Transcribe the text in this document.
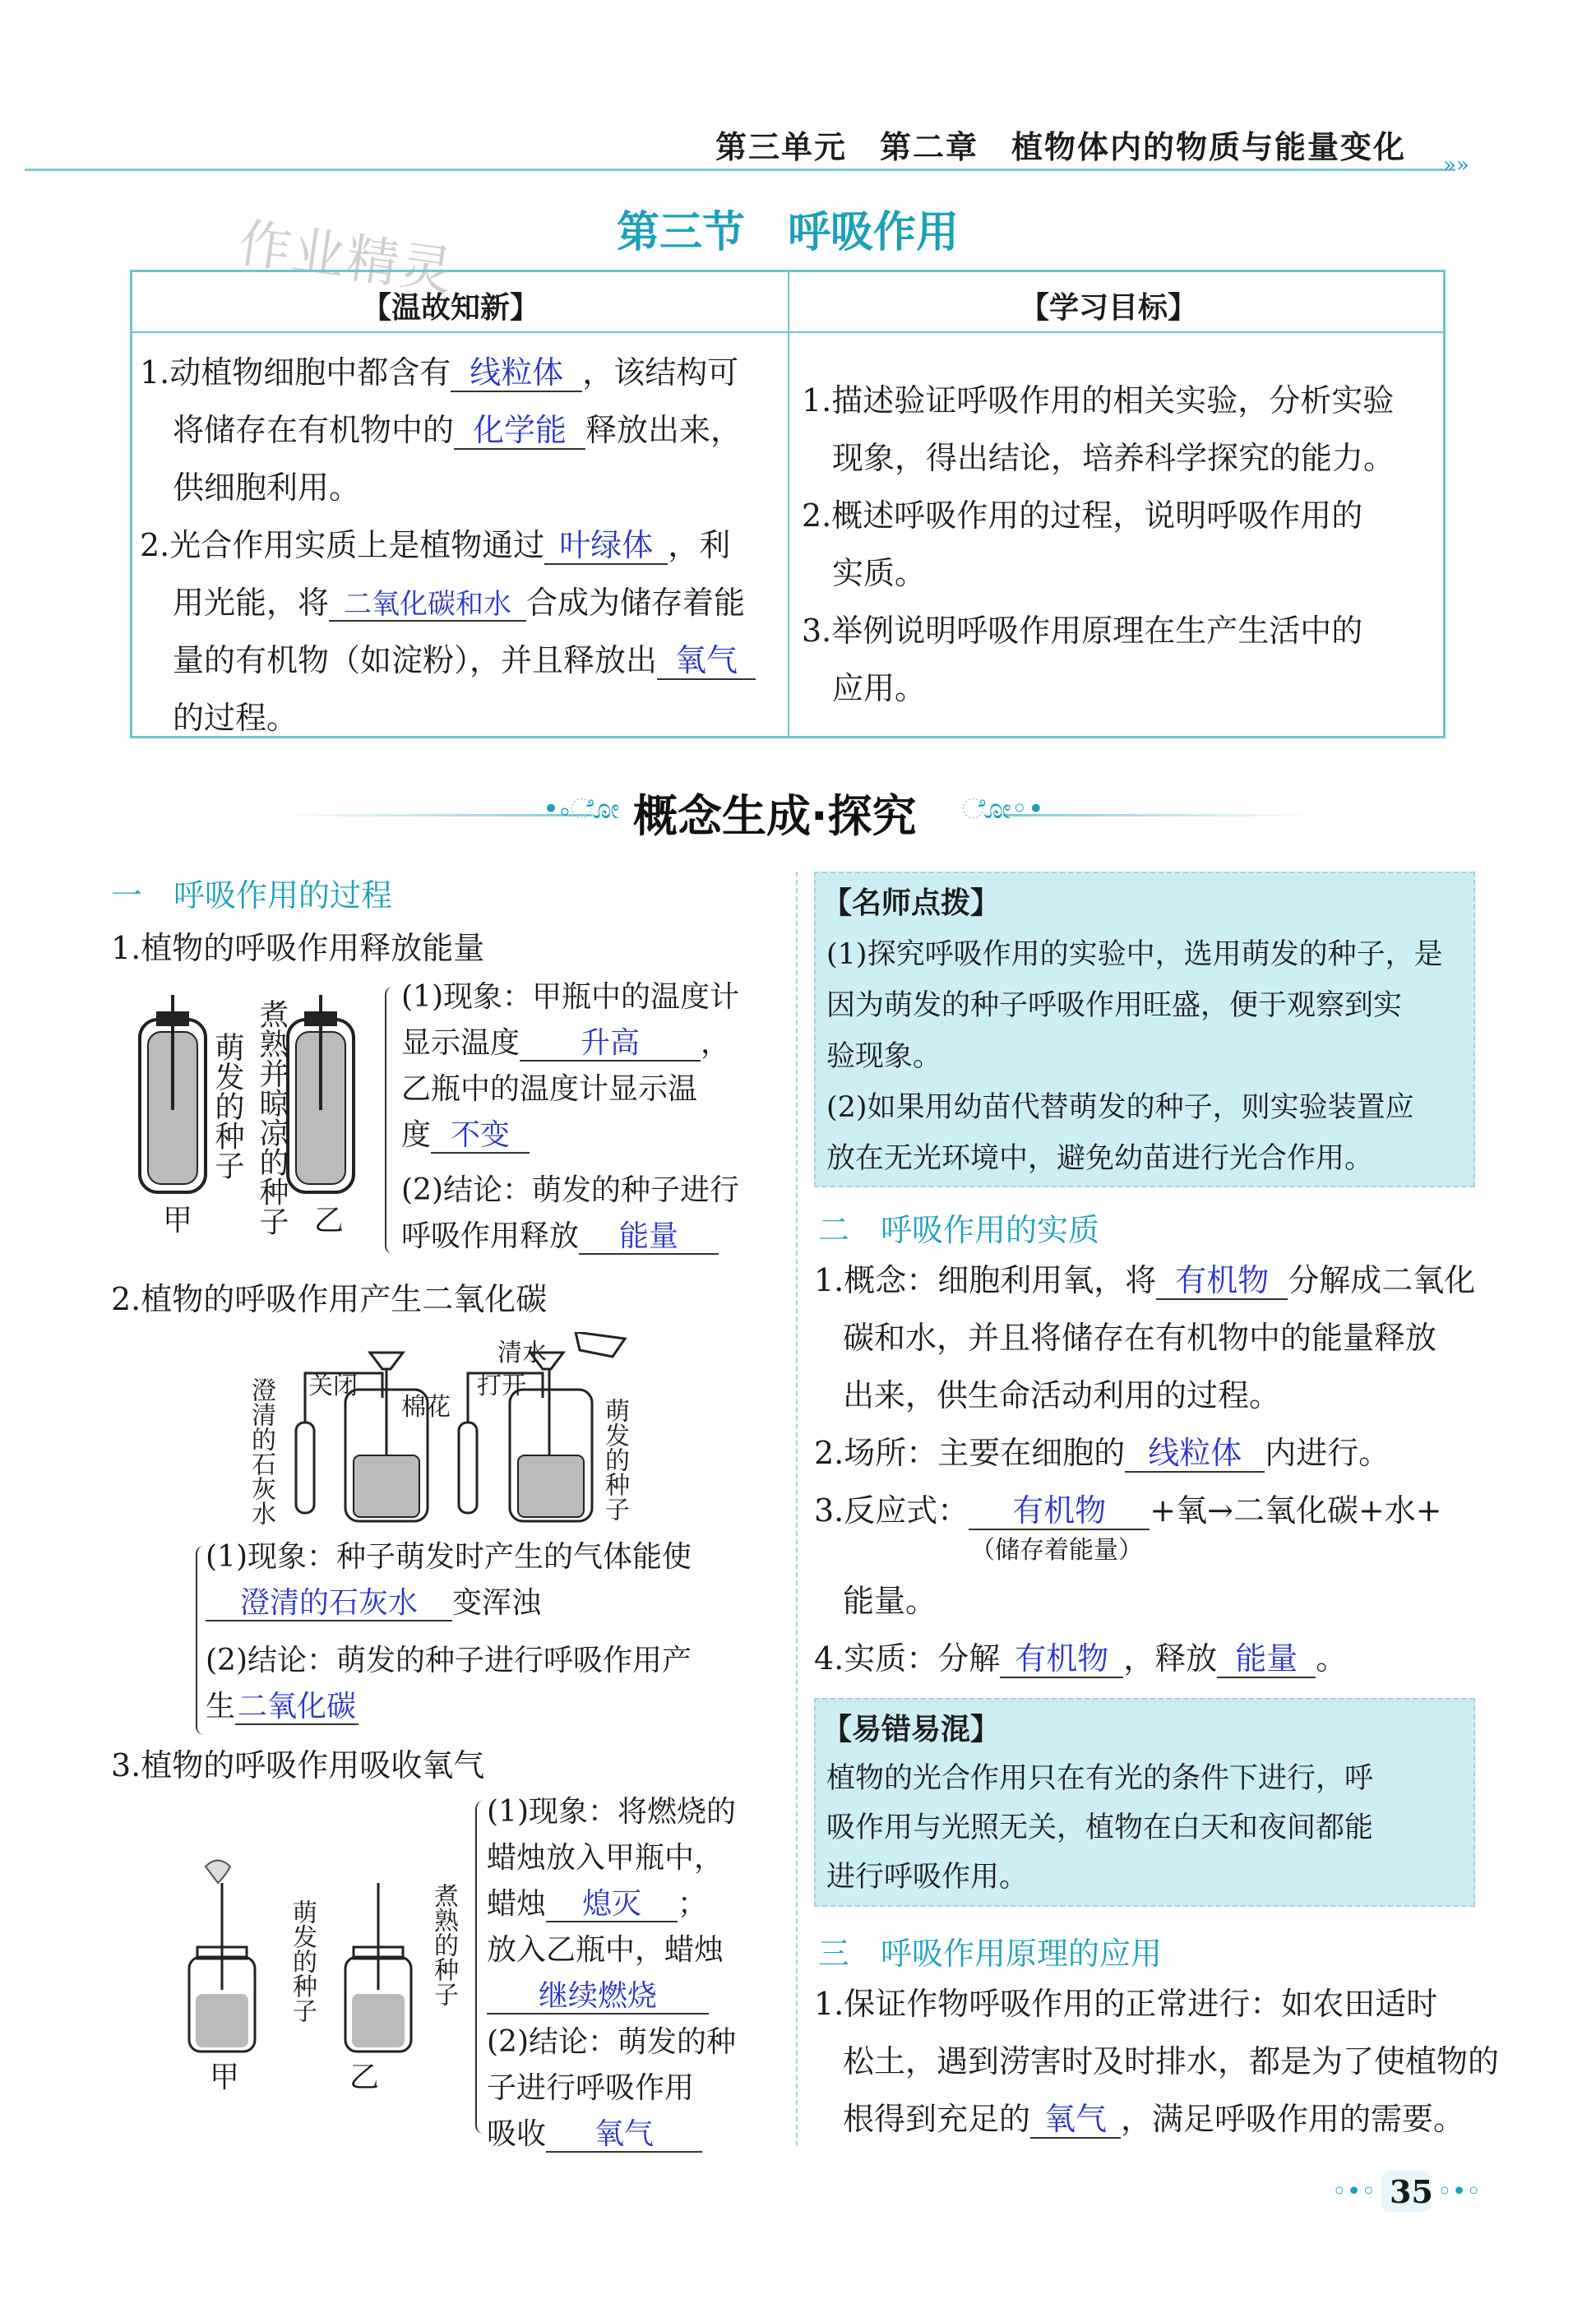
第三单元　第二章　植物体内的物质与能量变化 »»
作业精灵	第三节　呼吸作用
【温故知新】	【学习目标】
1.动植物细胞中都含有 线粒体 ，该结构可
将储存在有机物中的 化学能 释放出来，
供细胞利用。
2.光合作用实质上是植物通过 叶绿体 ，利
用光能，将 二氧化碳和水 合成为储存着能
量的有机物（如淀粉），并且释放出 氧气
的过程。
1.描述验证呼吸作用的相关实验，分析实验
现象，得出结论，培养科学探究的能力。
2.概述呼吸作用的过程，说明呼吸作用的
实质。
3.举例说明呼吸作用原理在生产生活中的
应用。
•◦ೋ	ೋ◦•
概念生成·探究
一　呼吸作用的过程
1.植物的呼吸作用释放能量
萌发的种子 煮熟并晾凉的种子
甲	乙
(1)现象：甲瓶中的温度计
显示温度 升高 ，
乙瓶中的温度计显示温
度 不变
(2)结论：萌发的种子进行
呼吸作用释放 能量
2.植物的呼吸作用产生二氧化碳
清水
关闭
棉花
打开
澄清的石灰水	萌发的种子
(1)现象：种子萌发时产生的气体能使
澄清的石灰水 变浑浊
(2)结论：萌发的种子进行呼吸作用产
生二氧化碳
3.植物的呼吸作用吸收氧气
萌发的种子	煮熟的种子
甲	乙
(1)现象：将燃烧的
蜡烛放入甲瓶中，
蜡烛 熄灭 ；
放入乙瓶中，蜡烛
继续燃烧
(2)结论：萌发的种
子进行呼吸作用
吸收 氧气
【名师点拨】
(1)探究呼吸作用的实验中，选用萌发的种子，是
因为萌发的种子呼吸作用旺盛，便于观察到实
验现象。
(2)如果用幼苗代替萌发的种子，则实验装置应
放在无光环境中，避免幼苗进行光合作用。
二　呼吸作用的实质
1.概念：细胞利用氧，将 有机物 分解成二氧化
碳和水，并且将储存在有机物中的能量释放
出来，供生命活动利用的过程。
2.场所：主要在细胞的 线粒体 内进行。
3.反应式： 有机物 +氧→二氧化碳+水+
（储存着能量）
能量。
4.实质：分解 有机物 ，释放 能量 。
【易错易混】
植物的光合作用只在有光的条件下进行，呼
吸作用与光照无关，植物在白天和夜间都能
进行呼吸作用。
三　呼吸作用原理的应用
1.保证作物呼吸作用的正常进行：如农田适时
松土，遇到涝害时及时排水，都是为了使植物的
根得到充足的 氧气 ，满足呼吸作用的需要。
◦•◦ 35 ◦•◦
